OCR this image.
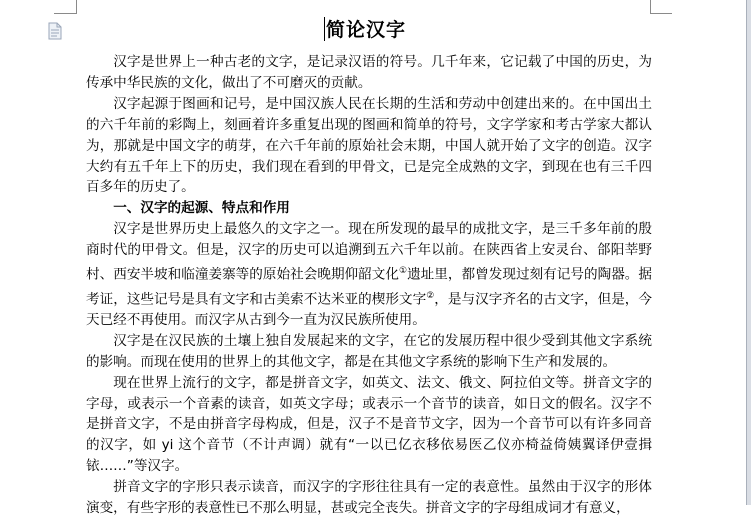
简论汉字

汉字是世界上一种古老的文字，是记录汉语的符号。几千年来，它记载了中国的历史，为传承中华民族的文化，做出了不可磨灭的贡献。

汉字起源于图画和记号，是中国汉族人民在长期的生活和劳动中创建出来的。在中国出土的六千年前的彩陶上，刻画着许多重复出现的图画和简单的符号，文字学家和考古学家大都认为，那就是中国文字的萌芽，在六千年前的原始社会末期，中国人就开始了文字的创造。汉字大约有五千年上下的历史，我们现在看到的甲骨文，已是完全成熟的文字，到现在也有三千四百多年的历史了。

一、汉字的起源、特点和作用

汉字是世界历史上最悠久的文字之一。现在所发现的最早的成批文字，是三千多年前的殷商时代的甲骨文。但是，汉字的历史可以追溯到五六千年以前。在陕西省上安灵台、郃阳莘野村、西安半坡和临潼姜寨等的原始社会晚期仰韶文化①遗址里，都曾发现过刻有记号的陶器。据考证，这些记号是具有文字和古美索不达米亚的楔形文字②，是与汉字齐名的古文字，但是，今天已经不再使用。而汉字从古到今一直为汉民族所使用。

汉字是在汉民族的土壤上独自发展起来的文字，在它的发展历程中很少受到其他文字系统的影响。而现在使用的世界上的其他文字，都是在其他文字系统的影响下生产和发展的。

现在世界上流行的文字，都是拼音文字，如英文、法文、俄文、阿拉伯文等。拼音文字的字母，或表示一个音素的读音，如英文字母；或表示一个音节的读音，如日文的假名。汉字不是拼音文字，不是由拼音字母构成，但是，汉子不是音节文字，因为一个音节可以有许多同音的汉字，如 yi 这个音节（不计声调）就有“一以已亿衣移依易医乙仪亦椅益倚姨翼译伊壹揖铱……”等汉字。

拼音文字的字形只表示读音，而汉字的字形往往具有一定的表意性。虽然由于汉字的形体演变，有些字形的表意性已不那么明显，甚或完全丧失。拼音文字的字母组成词才有意义，
